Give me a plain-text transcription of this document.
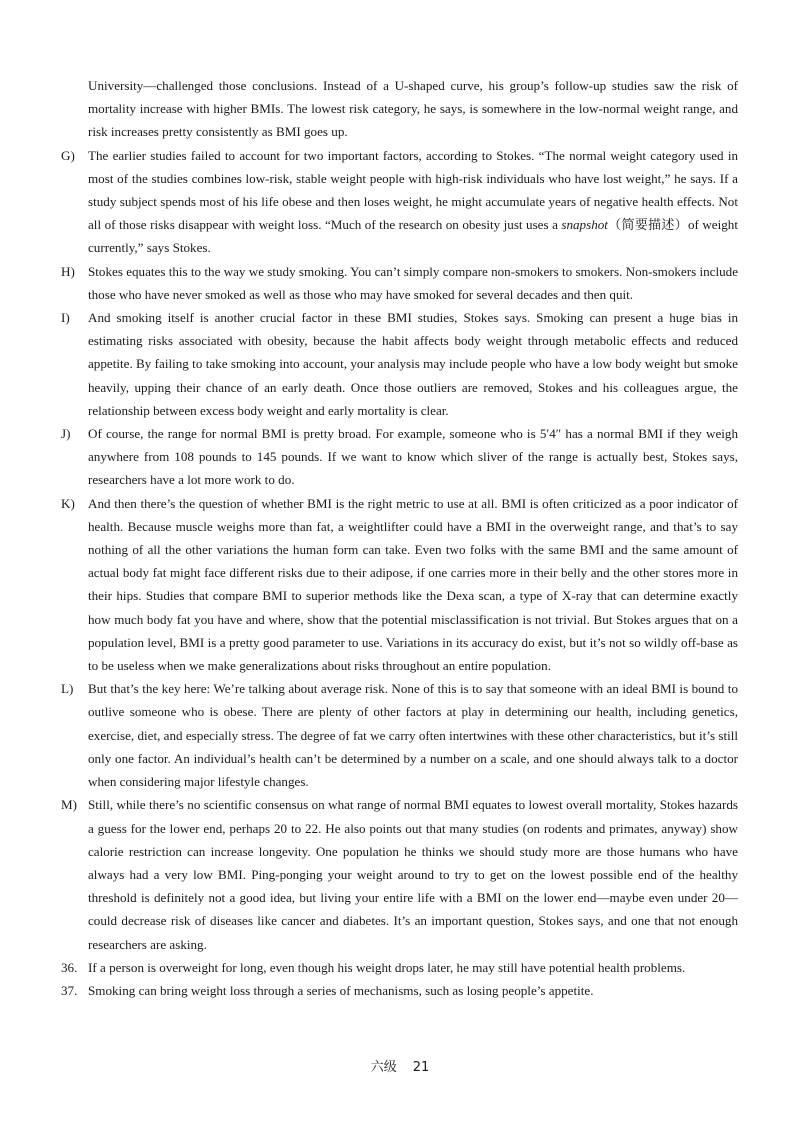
University—challenged those conclusions. Instead of a U-shaped curve, his group’s follow-up studies saw the risk of mortality increase with higher BMIs. The lowest risk category, he says, is somewhere in the low-normal weight range, and risk increases pretty consistently as BMI goes up.

G) The earlier studies failed to account for two important factors, according to Stokes. “The normal weight category used in most of the studies combines low-risk, stable weight people with high-risk individuals who have lost weight,” he says. If a study subject spends most of his life obese and then loses weight, he might accumulate years of negative health effects. Not all of those risks disappear with weight loss. “Much of the research on obesity just uses a snapshot（简要描述）of weight currently,” says Stokes.

H) Stokes equates this to the way we study smoking. You can’t simply compare non-smokers to smokers. Non-smokers include those who have never smoked as well as those who may have smoked for several decades and then quit.

I) And smoking itself is another crucial factor in these BMI studies, Stokes says. Smoking can present a huge bias in estimating risks associated with obesity, because the habit affects body weight through metabolic effects and reduced appetite. By failing to take smoking into account, your analysis may include people who have a low body weight but smoke heavily, upping their chance of an early death. Once those outliers are removed, Stokes and his colleagues argue, the relationship between excess body weight and early mortality is clear.

J) Of course, the range for normal BMI is pretty broad. For example, someone who is 5′4″ has a normal BMI if they weigh anywhere from 108 pounds to 145 pounds. If we want to know which sliver of the range is actually best, Stokes says, researchers have a lot more work to do.

K) And then there’s the question of whether BMI is the right metric to use at all. BMI is often criticized as a poor indicator of health. Because muscle weighs more than fat, a weightlifter could have a BMI in the overweight range, and that’s to say nothing of all the other variations the human form can take. Even two folks with the same BMI and the same amount of actual body fat might face different risks due to their adipose, if one carries more in their belly and the other stores more in their hips. Studies that compare BMI to superior methods like the Dexa scan, a type of X-ray that can determine exactly how much body fat you have and where, show that the potential misclassification is not trivial. But Stokes argues that on a population level, BMI is a pretty good parameter to use. Variations in its accuracy do exist, but it’s not so wildly off-base as to be useless when we make generalizations about risks throughout an entire population.

L) But that’s the key here: We’re talking about average risk. None of this is to say that someone with an ideal BMI is bound to outlive someone who is obese. There are plenty of other factors at play in determining our health, including genetics, exercise, diet, and especially stress. The degree of fat we carry often intertwines with these other characteristics, but it’s still only one factor. An individual’s health can’t be determined by a number on a scale, and one should always talk to a doctor when considering major lifestyle changes.

M) Still, while there’s no scientific consensus on what range of normal BMI equates to lowest overall mortality, Stokes hazards a guess for the lower end, perhaps 20 to 22. He also points out that many studies (on rodents and primates, anyway) show calorie restriction can increase longevity. One population he thinks we should study more are those humans who have always had a very low BMI. Ping-ponging your weight around to try to get on the lowest possible end of the healthy threshold is definitely not a good idea, but living your entire life with a BMI on the lower end—maybe even under 20—could decrease risk of diseases like cancer and diabetes. It’s an important question, Stokes says, and one that not enough researchers are asking.

36. If a person is overweight for long, even though his weight drops later, he may still have potential health problems.

37. Smoking can bring weight loss through a series of mechanisms, such as losing people’s appetite.

六级 21
